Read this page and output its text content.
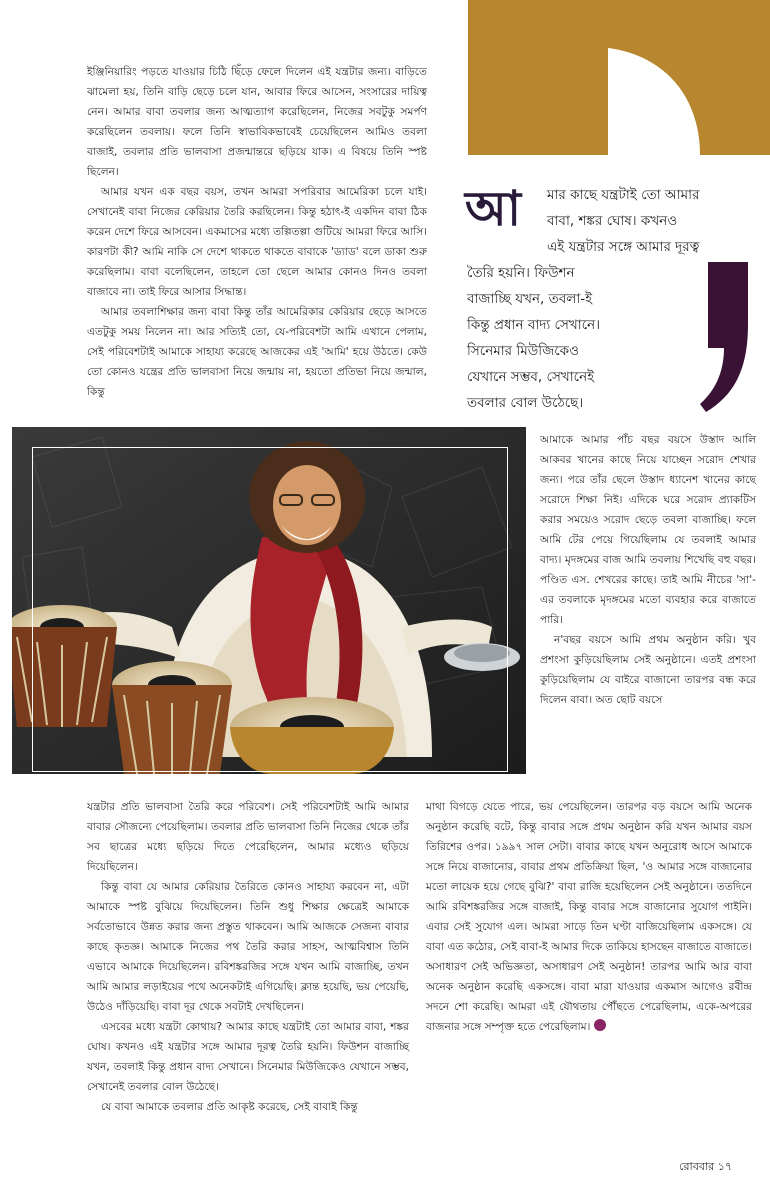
ইঞ্জিনিয়ারিং পড়তে যাওয়ার চিঠি ছিঁড়ে ফেলে দিলেন এই যন্ত্রটার জন্য। বাড়িতে ঝামেলা হয়, তিনি বাড়ি ছেড়ে চলে যান, আবার ফিরে আসেন, সংসারের দায়িত্ব নেন। আমার বাবা তবলার জন্য আত্মত্যাগ করেছিলেন, নিজের সবটুকু সমর্পণ করেছিলেন তবলায়। ফলে তিনি স্বাভাবিকভাবেই চেয়েছিলেন আমিও তবলা বাজাই, তবলার প্রতি ভালবাসা প্রজন্মান্তরে ছড়িয়ে যাক। এ বিষয়ে তিনি স্পষ্ট ছিলেন।

আমার যখন এক বছর বয়স, তখন আমরা সপরিবার আমেরিকা চলে যাই। সেখানেই বাবা নিজের কেরিয়ার তৈরি করছিলেন। কিন্তু হঠাৎ-ই একদিন বাবা ঠিক করেন দেশে ফিরে আসবেন। একমাসের মধ্যে তল্পিতল্পা গুটিয়ে আমরা ফিরে আসি। কারণটা কী? আমি নাকি সে দেশে থাকতে থাকতে বাবাকে 'ড্যাড' বলে ডাকা শুরু করেছিলাম। বাবা বলেছিলেন, তাহলে তো ছেলে আমার কোনও দিনও তবলা বাজাবে না। তাই ফিরে আসার সিদ্ধান্ত।

আমার তবলাশিক্ষার জন্য বাবা কিন্তু তাঁর আমেরিকার কেরিয়ার ছেড়ে আসতে এতটুকু সময় নিলেন না। আর সত্যিই তো, যে-পরিবেশটা আমি এখানে পেলাম, সেই পরিবেশটাই আমাকে সাহায্য করেছে আজকের এই 'আমি' হয়ে উঠতে। কেউ তো কোনও যন্ত্রের প্রতি ভালবাসা নিয়ে জন্মায় না, হয়তো প্রতিভা নিয়ে জন্মাল, কিন্তু

মার কাছে যন্ত্রটাই তো আমার
বাবা, শঙ্কর ঘোষ। কখনও
এই যন্ত্রটার সঙ্গে আমার দূরত্ব
তৈরি হয়নি। ফিউশন
বাজাচ্ছি যখন, তবলা-ই
কিন্তু প্রধান বাদ্য সেখানে।
সিনেমার মিউজিকেও
যেখানে সম্ভব, সেখানেই
তবলার বোল উঠেছে।
আ

আমাকে আমার পাঁচ বছর বয়সে উস্তাদ আলি আকবর খানের কাছে নিয়ে যাচ্ছেন সরোদ শেখার জন্য। পরে তাঁর ছেলে উস্তাদ ধ্যানেশ খানের কাছে সরোদে শিক্ষা নিই। এদিকে ঘরে সরোদ প্র্যাকটিস করার সময়েও সরোদ ছেড়ে তবলা বাজাচ্ছি। ফলে আমি টের পেয়ে গিয়েছিলাম যে তবলাই আমার বাদ্য। মৃদঙ্গমের বাজ আমি তবলায় শিখেছি বহু বছর। পণ্ডিত এস. শেখরের কাছে। তাই আমি নীচের 'সা'-এর তবলাকে মৃদঙ্গমের মতো ব্যবহার করে বাজাতে পারি।

ন'বছর বয়সে আমি প্রথম অনুষ্ঠান করি। খুব প্রশংসা কুড়িয়েছিলাম সেই অনুষ্ঠানে। এতই প্রশংসা কুড়িয়েছিলাম যে বাইরে বাজানো তারপর বন্ধ করে দিলেন বাবা। অত ছোট বয়সে

যন্ত্রটার প্রতি ভালবাসা তৈরি করে পরিবেশ। সেই পরিবেশটাই আমি আমার বাবার সৌজন্যে পেয়েছিলাম। তবলার প্রতি ভালবাসা তিনি নিজের থেকে তাঁর সব ছাত্রের মধ্যে ছড়িয়ে দিতে পেরেছিলেন, আমার মধ্যেও ছড়িয়ে দিয়েছিলেন।

কিন্তু বাবা যে আমার কেরিয়ার তৈরিতে কোনও সাহায্য করবেন না, এটা আমাকে স্পষ্ট বুঝিয়ে দিয়েছিলেন। তিনি শুধু শিক্ষার ক্ষেত্রেই আমাকে সর্বতোভাবে উন্নত করার জন্য প্রস্তুত থাকবেন। আমি আজকে সেজন্য বাবার কাছে কৃতজ্ঞ। আমাকে নিজের পথ তৈরি করার সাহস, আত্মবিশ্বাস তিনি এভাবে আমাকে দিয়েছিলেন। রবিশঙ্করজির সঙ্গে যখন আমি বাজাচ্ছি, তখন আমি আমার লড়াইয়ের পথে অনেকটাই এগিয়েছি। ক্লান্ত হয়েছি, ভয় পেয়েছি, উঠেও দাঁড়িয়েছি। বাবা দূর থেকে সবটাই দেখছিলেন।

এসবের মধ্যে যন্ত্রটা কোথায়? আমার কাছে যন্ত্রটাই তো আমার বাবা, শঙ্কর ঘোষ। কখনও এই যন্ত্রটার সঙ্গে আমার দূরত্ব তৈরি হয়নি। ফিউশন বাজাচ্ছি যখন, তবলাই কিন্তু প্রধান বাদ্য সেখানে। সিনেমার মিউজিকেও যেখানে সম্ভব, সেখানেই তবলার বোল উঠেছে।

যে বাবা আমাকে তবলার প্রতি আকৃষ্ট করেছে, সেই বাবাই কিন্তু

মাথা বিগড়ে যেতে পারে, ভয় পেয়েছিলেন। তারপর বড় বয়সে আমি অনেক অনুষ্ঠান করেছি বটে, কিন্তু বাবার সঙ্গে প্রথম অনুষ্ঠান করি যখন আমার বয়স তিরিশের ওপর। ১৯৯৭ সাল সেটা। বাবার কাছে যখন অনুরোধ আসে আমাকে সঙ্গে নিয়ে বাজানোর, বাবার প্রথম প্রতিক্রিয়া ছিল, 'ও আমার সঙ্গে বাজানোর মতো লায়েক হয়ে গেছে বুঝি?' বাবা রাজি হয়েছিলেন সেই অনুষ্ঠানে। ততদিনে আমি রবিশঙ্করজির সঙ্গে বাজাই, কিন্তু বাবার সঙ্গে বাজানোর সুযোগ পাইনি। এবার সেই সুযোগ এল। আমরা সাড়ে তিন ঘণ্টা বাজিয়েছিলাম একসঙ্গে। যে বাবা এত কঠোর, সেই বাবা-ই আমার দিকে তাকিয়ে হাসছেন বাজাতে বাজাতে। অসাধারণ সেই অভিজ্ঞতা, অসাধারণ সেই অনুষ্ঠান! তারপর আমি আর বাবা অনেক অনুষ্ঠান করেছি একসঙ্গে। বাবা মারা যাওয়ার একমাস আগেও রবীন্দ্র সদনে শো করেছি। আমরা এই যৌথতায় পৌঁছতে পেরেছিলাম, একে-অপরের বাজনার সঙ্গে সম্পৃক্ত হতে পেরেছিলাম।

রোববার ১৭
